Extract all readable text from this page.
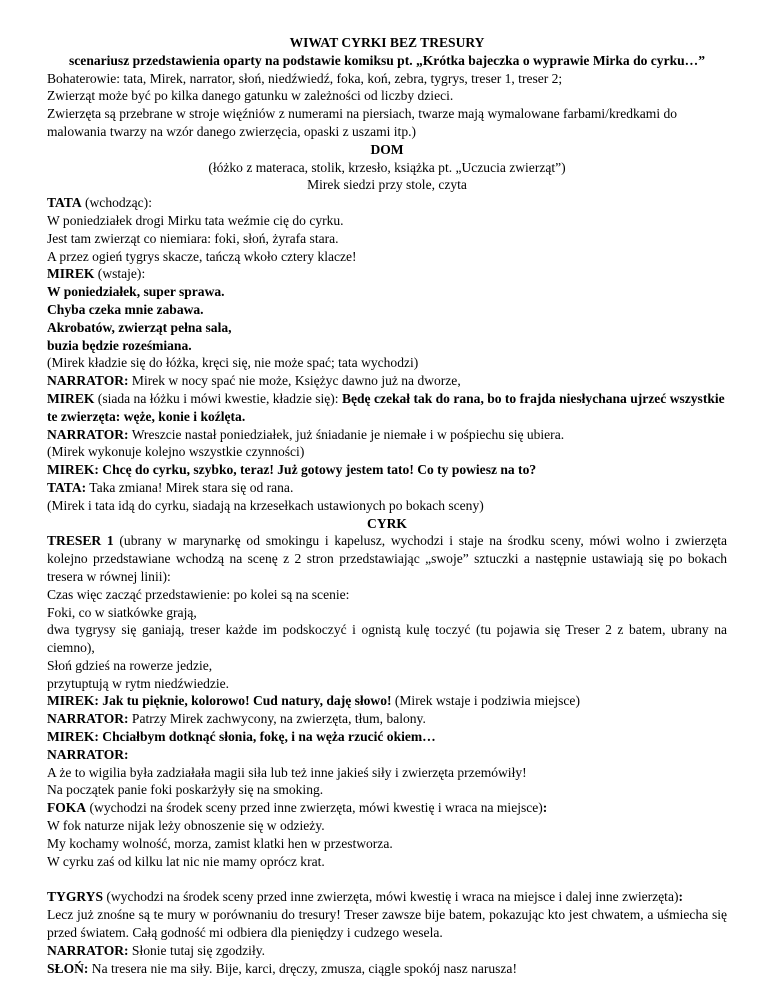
WIWAT CYRKI BEZ TRESURY

scenariusz przedstawienia oparty na podstawie komiksu pt. „Krótka bajeczka o wyprawie Mirka do cyrku…”

Bohaterowie: tata, Mirek, narrator, słoń, niedźwiedź, foka, koń, zebra, tygrys, treser 1, treser 2;

Zwierząt może być po kilka danego gatunku w zależności od liczby dzieci.

Zwierzęta są przebrane w stroje więźniów z numerami na piersiach, twarze mają wymalowane farbami/kredkami do malowania twarzy na wzór danego zwierzęcia, opaski z uszami itp.)

DOM

(łóżko z materaca, stolik, krzesło, książka pt. „Uczucia zwierząt”)

Mirek siedzi przy stole, czyta

TATA (wchodząc):

W poniedziałek drogi Mirku tata weźmie cię do cyrku.

Jest tam zwierząt co niemiara: foki, słoń, żyrafa stara.

A przez ogień tygrys skacze, tańczą wkoło cztery klacze!

MIREK (wstaje):

W poniedziałek, super sprawa.

Chyba czeka mnie zabawa.

Akrobatów, zwierząt pełna sala,

buzia będzie roześmiana.

(Mirek kładzie się do łóżka, kręci się, nie może spać; tata wychodzi)

NARRATOR: Mirek w nocy spać nie może, Księżyc dawno już na dworze,

MIREK (siada na łóżku i mówi kwestie, kładzie się): Będę czekał tak do rana, bo to frajda niesłychana ujrzeć wszystkie te zwierzęta: węże, konie i koźlęta.

NARRATOR: Wreszcie nastał poniedziałek, już śniadanie je niemałe i w pośpiechu się ubiera.

(Mirek wykonuje kolejno wszystkie czynności)

MIREK: Chcę do cyrku, szybko, teraz! Już gotowy jestem tato! Co ty powiesz na to?

TATA: Taka zmiana! Mirek stara się od rana.

(Mirek i tata idą do cyrku, siadają na krzesełkach ustawionych po bokach sceny)

CYRK

TRESER 1 (ubrany w marynarkę od smokingu i kapelusz, wychodzi i staje na środku sceny, mówi wolno i zwierzęta kolejno przedstawiane wchodzą na scenę z 2 stron przedstawiając „swoje” sztuczki a następnie ustawiają się po bokach tresera w równej linii):

Czas więc zacząć przedstawienie: po kolei są na scenie:

Foki, co w siatkówke grają,

dwa tygrysy się ganiają, treser każde im podskoczyć i ognistą kulę toczyć (tu pojawia się Treser 2 z batem, ubrany na ciemno),

Słoń gdzieś na rowerze jedzie,

przytuptują w rytm niedźwiedzie.

MIREK: Jak tu pięknie, kolorowo! Cud natury, daję słowo! (Mirek wstaje i podziwia miejsce)

NARRATOR: Patrzy Mirek zachwycony, na zwierzęta, tłum, balony.

MIREK: Chciałbym dotknąć słonia, fokę, i na węża rzucić okiem…

NARRATOR:

A że to wigilia była zadziałała magii siła lub też inne jakieś siły i zwierzęta przemówiły!

Na początek panie foki poskarżyły się na smoking.

FOKA (wychodzi na środek sceny przed inne zwierzęta, mówi kwestię i wraca na miejsce):

W fok naturze nijak leży obnoszenie się w odzieży.

My kochamy wolność, morza, zamist klatki hen w przestworza.

W cyrku zaś od kilku lat nic nie mamy oprócz krat.

TYGRYS (wychodzi na środek sceny przed inne zwierzęta, mówi kwestię i wraca na miejsce i dalej inne zwierzęta):

Lecz już znośne są te mury w porównaniu do tresury! Treser zawsze bije batem, pokazując kto jest chwatem, a uśmiecha się przed światem. Całą godność mi odbiera dla pieniędzy i cudzego wesela.

NARRATOR: Słonie tutaj się zgodziły.

SŁOŃ: Na tresera nie ma siły. Bije, karci, dręczy, zmusza, ciągle spokój nasz narusza!
